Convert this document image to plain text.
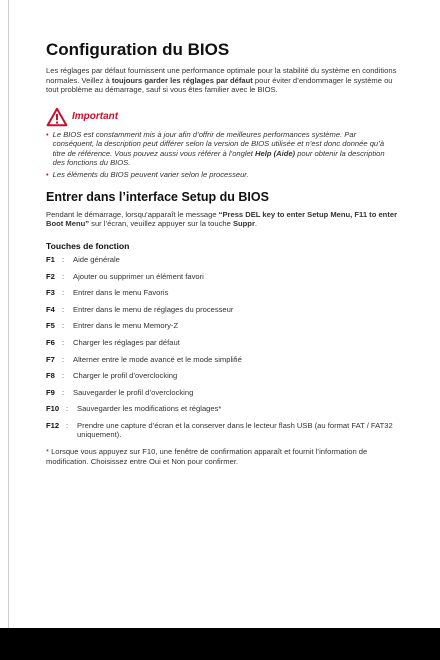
Configuration du BIOS

Les réglages par défaut fournissent une performance optimale pour la stabilité du système en conditions normales. Veillez à toujours garder les réglages par défaut pour éviter d’endommager le système ou tout problème au démarrage, sauf si vous êtes familier avec le BIOS.

Important
• Le BIOS est constamment mis à jour afin d’offrir de meilleures performances système. Par conséquent, la description peut différer selon la version de BIOS utilisée et n’est donc donnée qu’à titre de référence. Vous pouvez aussi vous référer à l’onglet Help (Aide) pour obtenir la description des fonctions du BIOS.
• Les éléments du BIOS peuvent varier selon le processeur.
Entrer dans l’interface Setup du BIOS

Pendant le démarrage, lorsqu’apparaît le message “Press DEL key to enter Setup Menu, F11 to enter Boot Menu” sur l’écran, veuillez appuyer sur la touche Suppr.

Touches de fonction
F1 :	Aide générale
F2 :	Ajouter ou supprimer un élément favori
F3 :	Entrer dans le menu Favoris
F4 :	Entrer dans le menu de réglages du processeur
F5 :	Entrer dans le menu Memory-Z
F6 :	Charger les réglages par défaut
F7 :	Alterner entre le mode avancé et le mode simplifié
F8 :	Charger le profil d’overclocking
F9 :	Sauvegarder le profil d’overclocking
F10 :	Sauvegarder les modifications et réglages*
F12 :	Prendre une capture d’écran et la conserver dans le lecteur flash USB (au format FAT / FAT32 uniquement).

* Lorsque vous appuyez sur F10, une fenêtre de confirmation apparaît et fournit l’information de modification. Choisissez entre Oui et Non pour confirmer.
